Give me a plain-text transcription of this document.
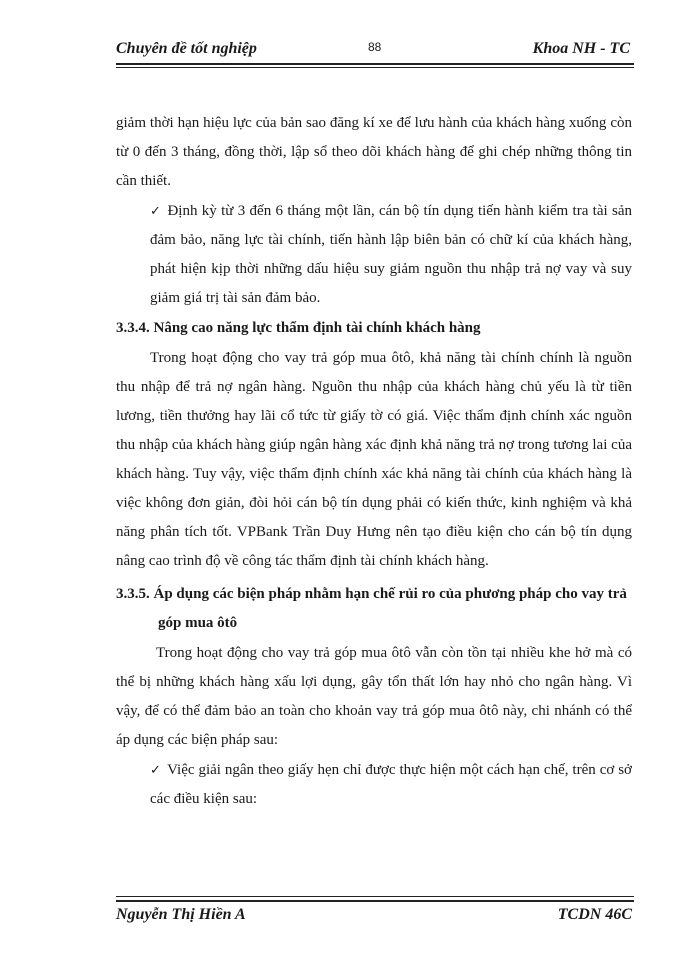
Chuyên đề tốt nghiệp	88	Khoa NH - TC

giảm thời hạn hiệu lực của bản sao đăng kí xe để lưu hành của khách hàng xuống còn từ 0 đến 3 tháng, đồng thời, lập sổ theo dõi khách hàng để ghi chép những thông tin cần thiết.

✓ Định kỳ từ 3 đến 6 tháng một lần, cán bộ tín dụng tiến hành kiểm tra tài sản đảm bảo, năng lực tài chính, tiến hành lập biên bản có chữ kí của khách hàng, phát hiện kịp thời những dấu hiệu suy giảm nguồn thu nhập trả nợ vay và suy giảm giá trị tài sản đảm bảo.

3.3.4. Nâng cao năng lực thẩm định tài chính khách hàng

Trong hoạt động cho vay trả góp mua ôtô, khả năng tài chính chính là nguồn thu nhập để trả nợ ngân hàng. Nguồn thu nhập của khách hàng chủ yếu là từ tiền lương, tiền thưởng hay lãi cổ tức từ giấy tờ có giá. Việc thẩm định chính xác nguồn thu nhập của khách hàng giúp ngân hàng xác định khả năng trả nợ trong tương lai của khách hàng. Tuy vậy, việc thẩm định chính xác khả năng tài chính của khách hàng là việc không đơn giản, đòi hỏi cán bộ tín dụng phải có kiến thức, kinh nghiệm và khả năng phân tích tốt. VPBank Trần Duy Hưng nên tạo điều kiện cho cán bộ tín dụng nâng cao trình độ về công tác thẩm định tài chính khách hàng.

3.3.5. Áp dụng các biện pháp nhằm hạn chế rủi ro của phương pháp cho vay trả góp mua ôtô

Trong hoạt động cho vay trả góp mua ôtô vẫn còn tồn tại nhiều khe hở mà có thể bị những khách hàng xấu lợi dụng, gây tổn thất lớn hay nhỏ cho ngân hàng. Vì vậy, để có thể đảm bảo an toàn cho khoản vay trả góp mua ôtô này, chi nhánh có thể áp dụng các biện pháp sau:

✓ Việc giải ngân theo giấy hẹn chỉ được thực hiện một cách hạn chế, trên cơ sở các điều kiện sau:

Nguyễn Thị Hiền A	TCDN 46C
